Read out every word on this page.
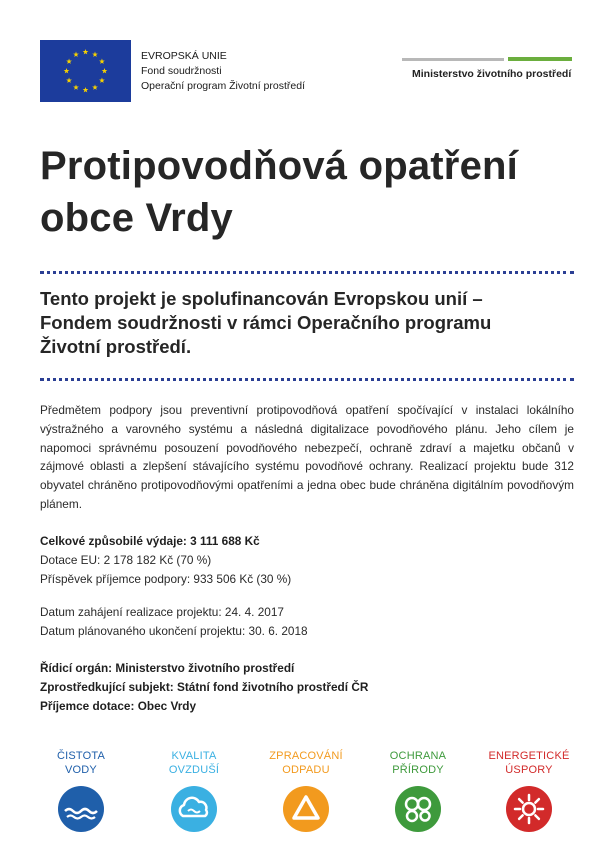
EVROPSKÁ UNIE
Fond soudržnosti
Operační program Životní prostředí
Ministerstvo životního prostředí
Protipovodňová opatření
obce Vrdy
Tento projekt je spolufinancován Evropskou unií –
Fondem soudržnosti v rámci Operačního programu
Životní prostředí.
Předmětem podpory jsou preventivní protipovodňová opatření spočívající v instalaci lokálního výstražného a varovného systému a následná digitalizace povodňového plánu. Jeho cílem je napomoci správnému posouzení povodňového nebezpečí, ochraně zdraví a majetku občanů v zájmové oblasti a zlepšení stávajícího systému povodňové ochrany. Realizací projektu bude 312 obyvatel chráněno protipovodňovými opatřeními a jedna obec bude chráněna digitálním povodňovým plánem.
Celkové způsobilé výdaje: 3 111 688 Kč
Dotace EU: 2 178 182 Kč (70 %)
Příspěvek příjemce podpory: 933 506 Kč (30 %)
Datum zahájení realizace projektu: 24. 4. 2017
Datum plánovaného ukončení projektu: 30. 6. 2018
Řídicí orgán: Ministerstvo životního prostředí
Zprostředkující subjekt: Státní fond životního prostředí ČR
Příjemce dotace: Obec Vrdy
ČISTOTA
VODY
KVALITA
OVZDUŠÍ
ZPRACOVÁNÍ
ODPADU
OCHRANA
PŘÍRODY
ENERGETICKÉ
ÚSPORY
